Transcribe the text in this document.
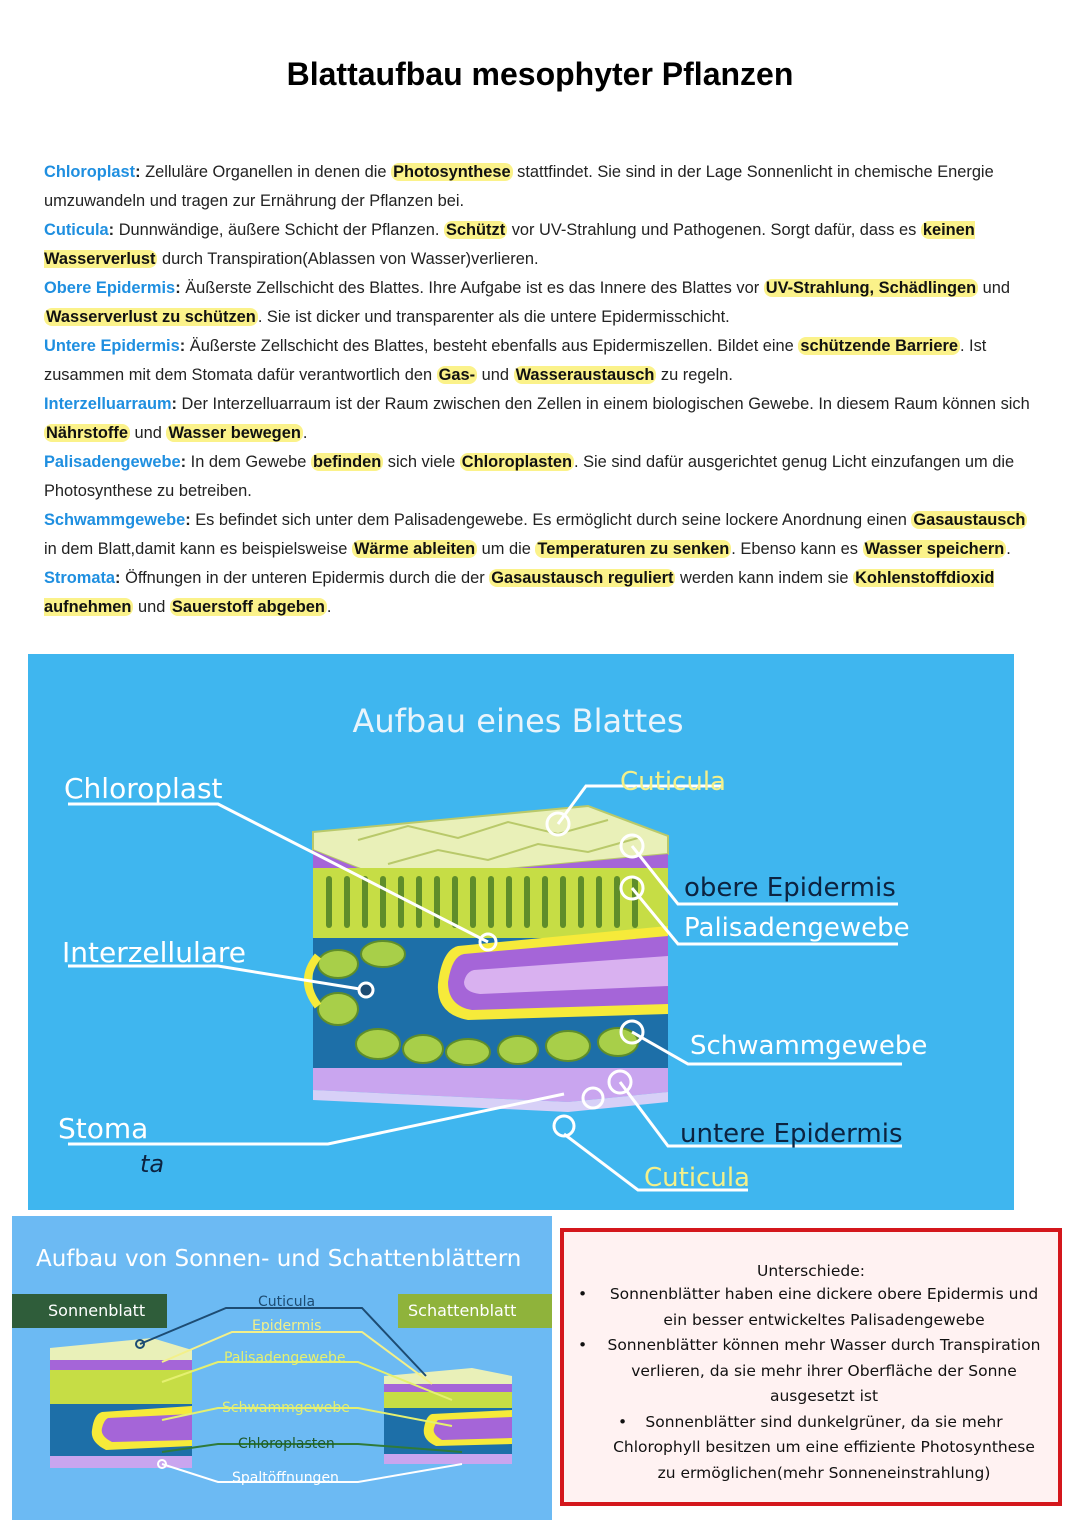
Blattaufbau mesophyter Pflanzen
Chloroplast: Zelluläre Organellen in denen die Photosynthese stattfindet. Sie sind in der Lage Sonnenlicht in chemische Energie umzuwandeln und tragen zur Ernährung der Pflanzen bei.
Cuticula: Dunnwändige, äußere Schicht der Pflanzen. Schützt vor UV-Strahlung und Pathogenen. Sorgt dafür, dass es keinen Wasserverlust durch Transpiration(Ablassen von Wasser)verlieren.
Obere Epidermis: Äußerste Zellschicht des Blattes. Ihre Aufgabe ist es das Innere des Blattes vor UV-Strahlung, Schädlingen und Wasserverlust zu schützen . Sie ist dicker und transparenter als die untere Epidermisschicht.
Untere Epidermis: Äußerste Zellschicht des Blattes, besteht ebenfalls aus Epidermiszellen. Bildet eine schützende Barriere . Ist zusammen mit dem Stomata dafür verantwortlich den Gas- und Wasseraustausch zu regeln.
Interzelluarraum: Der Interzelluarraum ist der Raum zwischen den Zellen in einem biologischen Gewebe. In diesem Raum können sich Nährstoffe und Wasser bewegen .
Palisadengewebe: In dem Gewebe befinden sich viele Chloroplasten . Sie sind dafür ausgerichtet genug Licht einzufangen um die Photosynthese zu betreiben.
Schwammgewebe: Es befindet sich unter dem Palisadengewebe. Es ermöglicht durch seine lockere Anordnung einen Gasaustausch in dem Blatt,damit kann es beispielsweise Wärme ableiten um die Temperaturen zu senken . Ebenso kann es Wasser speichern .
Stromata: Öffnungen in der unteren Epidermis durch die der Gasaustausch reguliert werden kann indem sie Kohlenstoffdioxid aufnehmen und Sauerstoff abgeben .
Aufbau eines Blattes
Chloroplast	Cuticula
obere Epidermis
Palisadengewebe
Interzellulare
Schwammgewebe
Stoma
ta
untere Epidermis
Cuticula
Aufbau von Sonnen- und Schattenblättern
Sonnenblatt	Schattenblatt
Cuticula
Epidermis
Palisadengewebe
Schwammgewebe
Chloroplasten
Spaltöffnungen
Unterschiede:
• Sonnenblätter haben eine dickere obere Epidermis und ein besser entwickeltes Palisadengewebe
• Sonnenblätter können mehr Wasser durch Transpiration verlieren, da sie mehr ihrer Oberfläche der Sonne ausgesetzt ist
• Sonnenblätter sind dunkelgrüner, da sie mehr Chlorophyll besitzen um eine effiziente Photosynthese zu ermöglichen(mehr Sonneneinstrahlung)
